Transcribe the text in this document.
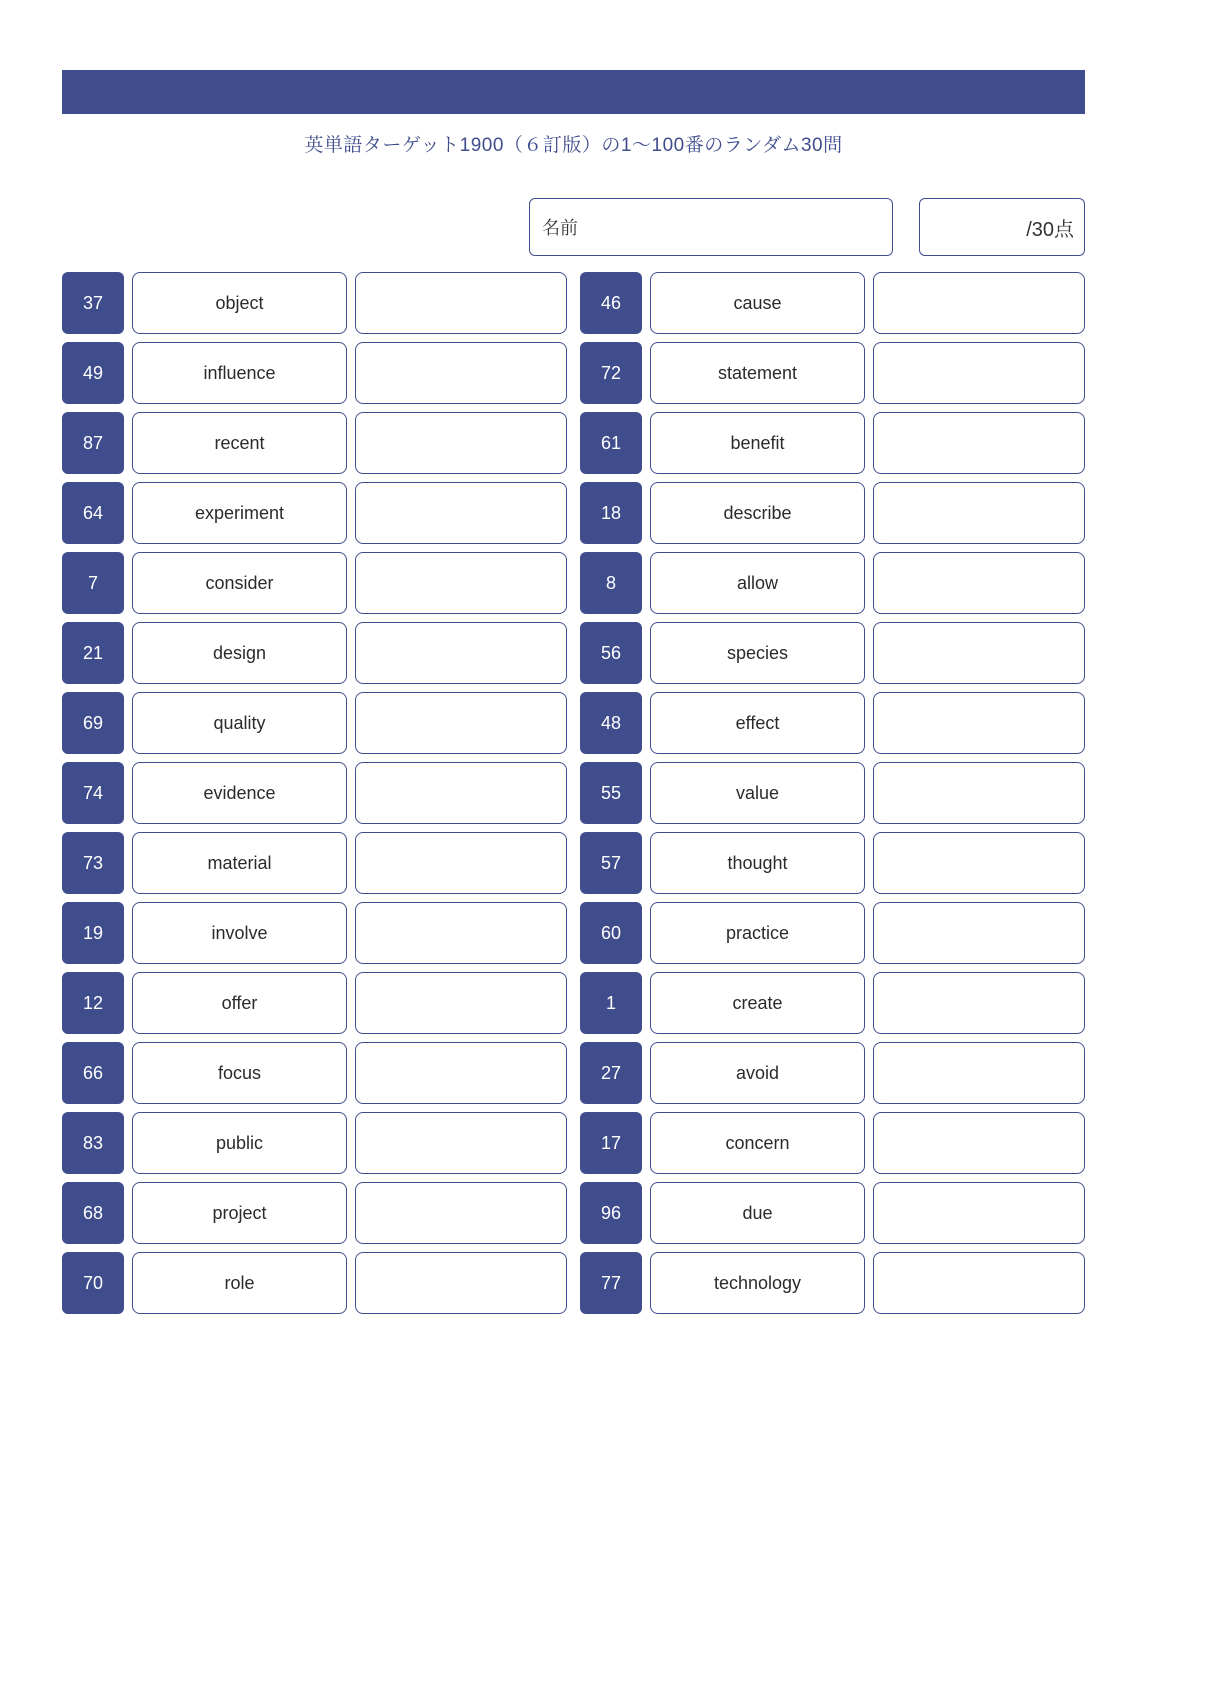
英単語ターゲット1900（６訂版）の1〜100番のランダム30問
名前	/30点
37	object
49	influence
87	recent
64	experiment
7	consider
21	design
69	quality
74	evidence
73	material
19	involve
12	offer
66	focus
83	public
68	project
70	role
46	cause
72	statement
61	benefit
18	describe
8	allow
56	species
48	effect
55	value
57	thought
60	practice
1	create
27	avoid
17	concern
96	due
77	technology
